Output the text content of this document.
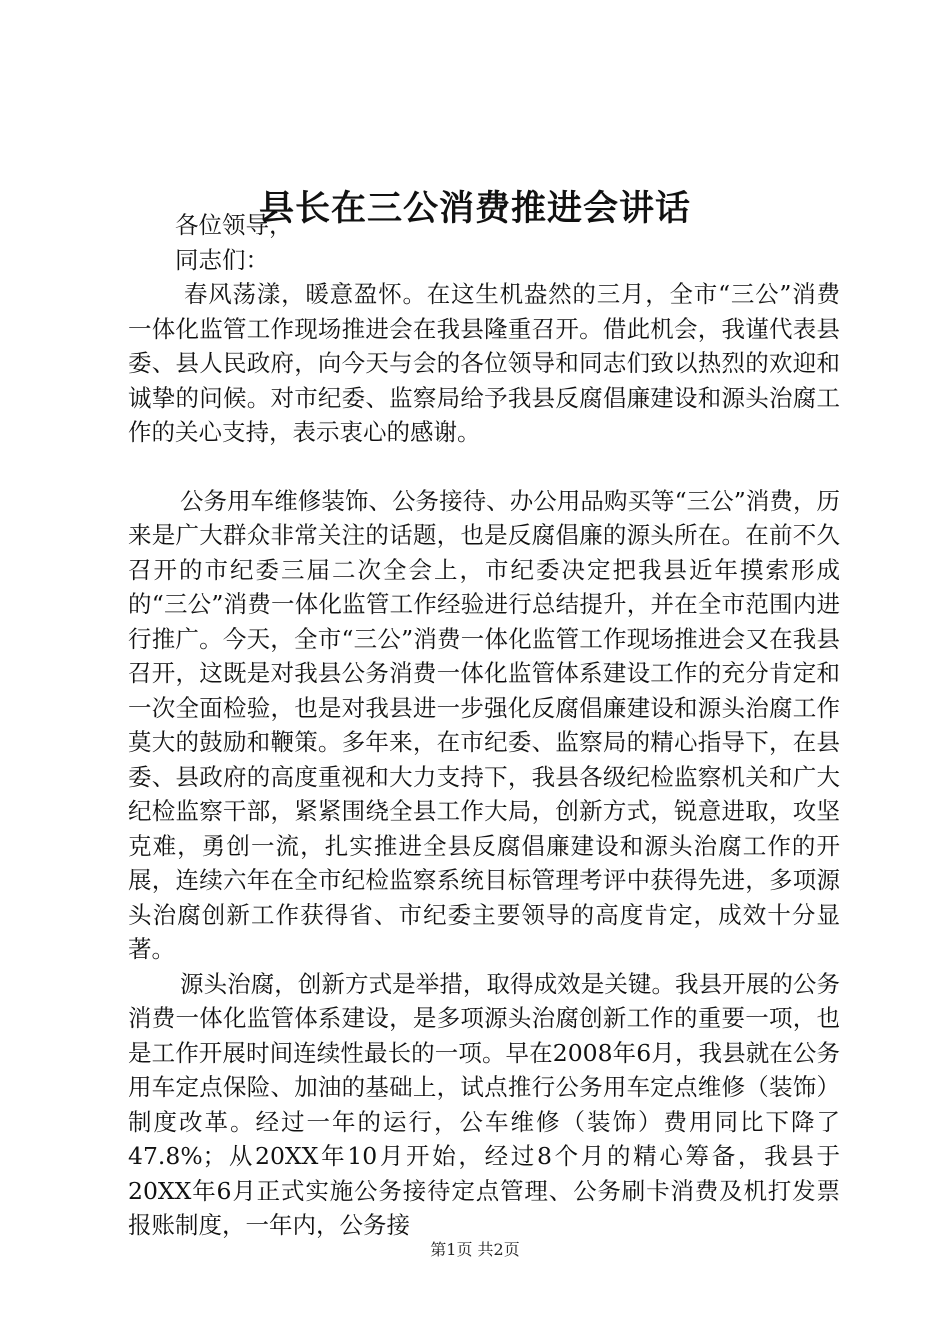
县长在三公消费推进会讲话

各位领导，

同志们：

春风荡漾，暖意盈怀。在这生机盎然的三月，全市“三公”消费一体化监管工作现场推进会在我县隆重召开。借此机会，我谨代表县委、县人民政府，向今天与会的各位领导和同志们致以热烈的欢迎和诚挚的问候。对市纪委、监察局给予我县反腐倡廉建设和源头治腐工作的关心支持，表示衷心的感谢。

公务用车维修装饰、公务接待、办公用品购买等“三公”消费，历来是广大群众非常关注的话题，也是反腐倡廉的源头所在。在前不久召开的市纪委三届二次全会上，市纪委决定把我县近年摸索形成的“三公”消费一体化监管工作经验进行总结提升，并在全市范围内进行推广。今天，全市“三公”消费一体化监管工作现场推进会又在我县召开，这既是对我县公务消费一体化监管体系建设工作的充分肯定和一次全面检验，也是对我县进一步强化反腐倡廉建设和源头治腐工作莫大的鼓励和鞭策。多年来，在市纪委、监察局的精心指导下，在县委、县政府的高度重视和大力支持下，我县各级纪检监察机关和广大纪检监察干部，紧紧围绕全县工作大局，创新方式，锐意进取，攻坚克难，勇创一流，扎实推进全县反腐倡廉建设和源头治腐工作的开展，连续六年在全市纪检监察系统目标管理考评中获得先进，多项源头治腐创新工作获得省、市纪委主要领导的高度肯定，成效十分显著。

源头治腐，创新方式是举措，取得成效是关键。我县开展的公务消费一体化监管体系建设，是多项源头治腐创新工作的重要一项，也是工作开展时间连续性最长的一项。早在2008年6月，我县就在公务用车定点保险、加油的基础上，试点推行公务用车定点维修（装饰）制度改革。经过一年的运行，公车维修（装饰）费用同比下降了47.8%；从20XX年10月开始，经过8个月的精心筹备，我县于20XX年6月正式实施公务接待定点管理、公务刷卡消费及机打发票报账制度，一年内，公务接

第1页 共2页
